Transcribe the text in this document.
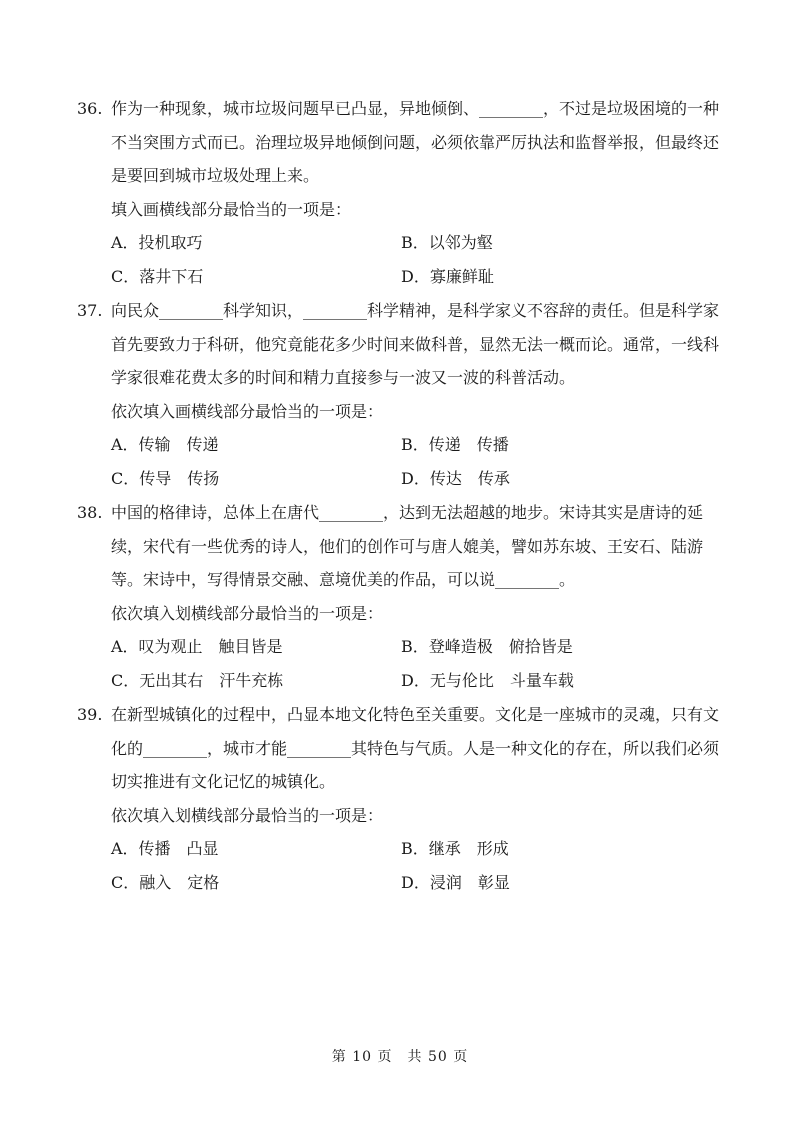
36. 作为一种现象，城市垃圾问题早已凸显，异地倾倒、________，不过是垃圾困境的一种
不当突围方式而已。治理垃圾异地倾倒问题，必须依靠严厉执法和监督举报，但最终还
是要回到城市垃圾处理上来。
填入画横线部分最恰当的一项是：
A．投机取巧	B．以邻为壑
C．落井下石	D．寡廉鲜耻
37. 向民众________科学知识，________科学精神，是科学家义不容辞的责任。但是科学家
首先要致力于科研，他究竟能花多少时间来做科普，显然无法一概而论。通常，一线科
学家很难花费太多的时间和精力直接参与一波又一波的科普活动。
依次填入画横线部分最恰当的一项是：
A．传输　传递	B．传递　传播
C．传导　传扬	D．传达　传承
38. 中国的格律诗，总体上在唐代________，达到无法超越的地步。宋诗其实是唐诗的延
续，宋代有一些优秀的诗人，他们的创作可与唐人媲美，譬如苏东坡、王安石、陆游
等。宋诗中，写得情景交融、意境优美的作品，可以说________。
依次填入划横线部分最恰当的一项是：
A．叹为观止　触目皆是	B．登峰造极　俯拾皆是
C．无出其右　汗牛充栋	D．无与伦比　斗量车载
39. 在新型城镇化的过程中，凸显本地文化特色至关重要。文化是一座城市的灵魂，只有文
化的________，城市才能________其特色与气质。人是一种文化的存在，所以我们必须
切实推进有文化记忆的城镇化。
依次填入划横线部分最恰当的一项是：
A．传播　凸显	B．继承　形成
C．融入　定格	D．浸润　彰显
第 10 页　共 50 页
